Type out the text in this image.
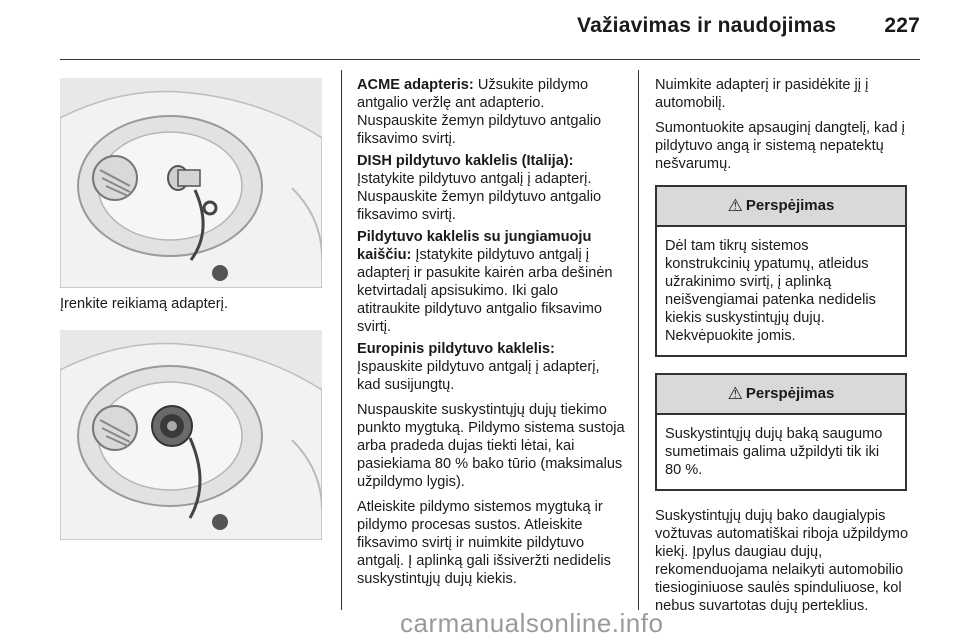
Važiavimas ir naudojimas 227
Įrenkite reikiamą adapterį.

ACME adapteris: Užsukite pildymo antgalio veržlę ant adapterio. Nuspauskite žemyn pildytuvo antgalio fiksavimo svirtį.

DISH pildytuvo kaklelis (Italija):
Įstatykite pildytuvo antgalį į adapterį. Nuspauskite žemyn pildytuvo antgalio fiksavimo svirtį.

Pildytuvo kaklelis su jungiamuoju kaiščiu: Įstatykite pildytuvo antgalį į adapterį ir pasukite kairėn arba dešinėn ketvirtadalį apsisukimo. Iki galo atitraukite pildytuvo antgalio fiksavimo svirtį.

Europinis pildytuvo kaklelis:
Įspauskite pildytuvo antgalį į adapterį, kad susijungtų.

Nuspauskite suskystintųjų dujų tiekimo punkto mygtuką. Pildymo sistema sustoja arba pradeda dujas tiekti lėtai, kai pasiekiama 80 % bako tūrio (maksimalus užpildymo lygis).

Atleiskite pildymo sistemos mygtuką ir pildymo procesas sustos. Atleiskite fiksavimo svirtį ir nuimkite pildytuvo antgalį. Į aplinką gali išsiveržti nedidelis suskystintųjų dujų kiekis.

Nuimkite adapterį ir pasidėkite jį į automobilį.

Sumontuokite apsauginį dangtelį, kad į pildytuvo angą ir sistemą nepatektų nešvarumų.

⚠ Perspėjimas
Dėl tam tikrų sistemos konstrukcinių ypatumų, atleidus užrakinimo svirtį, į aplinką neišvengiamai patenka nedidelis kiekis suskystintųjų dujų. Nekvėpuokite jomis.
⚠ Perspėjimas
Suskystintųjų dujų baką saugumo sumetimais galima užpildyti tik iki 80 %.

Suskystintųjų dujų bako daugialypis vožtuvas automatiškai riboja užpildymo kiekį. Įpylus daugiau dujų, rekomenduojama nelaikyti automobilio tiesioginiuose saulės spinduliuose, kol nebus suvartotas dujų perteklius.

carmanualsonline.info
